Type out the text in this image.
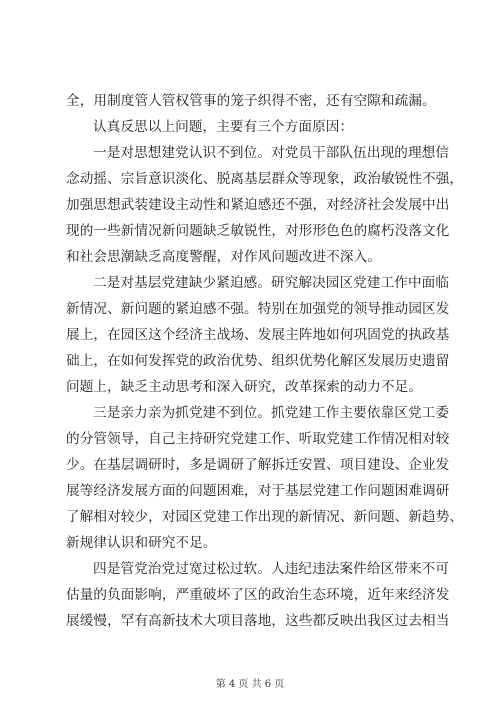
全，用制度管人管权管事的笼子织得不密，还有空隙和疏漏。
认真反思以上问题，主要有三个方面原因：
一是对思想建党认识不到位。对党员干部队伍出现的理想信
念动摇、宗旨意识淡化、脱离基层群众等现象，政治敏锐性不强，
加强思想武装建设主动性和紧迫感还不强，对经济社会发展中出
现的一些新情况新问题缺乏敏锐性，对形形色色的腐朽没落文化
和社会思潮缺乏高度警醒，对作风问题改进不深入。
二是对基层党建缺少紧迫感。研究解决园区党建工作中面临
新情况、新问题的紧迫感不强。特别在加强党的领导推动园区发
展上，在园区这个经济主战场、发展主阵地如何巩固党的执政基
础上，在如何发挥党的政治优势、组织优势化解区发展历史遗留
问题上，缺乏主动思考和深入研究，改革探索的动力不足。
三是亲力亲为抓党建不到位。抓党建工作主要依靠区党工委
的分管领导，自己主持研究党建工作、听取党建工作情况相对较
少。在基层调研时，多是调研了解拆迁安置、项目建设、企业发
展等经济发展方面的问题困难，对于基层党建工作问题困难调研
了解相对较少，对园区党建工作出现的新情况、新问题、新趋势、
新规律认识和研究不足。
四是管党治党过宽过松过软。人违纪违法案件给区带来不可
估量的负面影响，严重破坏了区的政治生态环境，近年来经济发
展缓慢，罕有高新技术大项目落地，这些都反映出我区过去相当
第 4 页 共 6 页
